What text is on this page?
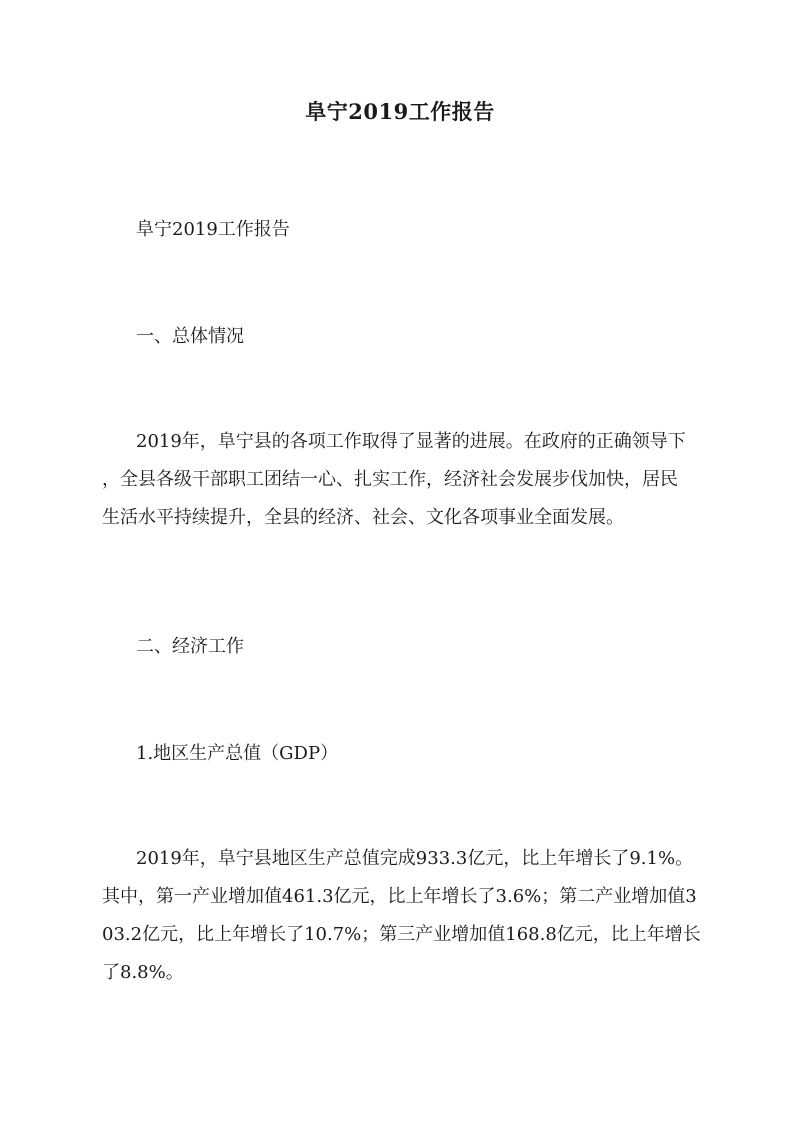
阜宁2019工作报告
阜宁2019工作报告
一、总体情况
2019年，阜宁县的各项工作取得了显著的进展。在政府的正确领导下
，全县各级干部职工团结一心、扎实工作，经济社会发展步伐加快，居民
生活水平持续提升，全县的经济、社会、文化各项事业全面发展。
二、经济工作
1.地区生产总值（GDP）
2019年，阜宁县地区生产总值完成933.3亿元，比上年增长了9.1%。
其中，第一产业增加值461.3亿元，比上年增长了3.6%；第二产业增加值3
03.2亿元，比上年增长了10.7%；第三产业增加值168.8亿元，比上年增长
了8.8%。
